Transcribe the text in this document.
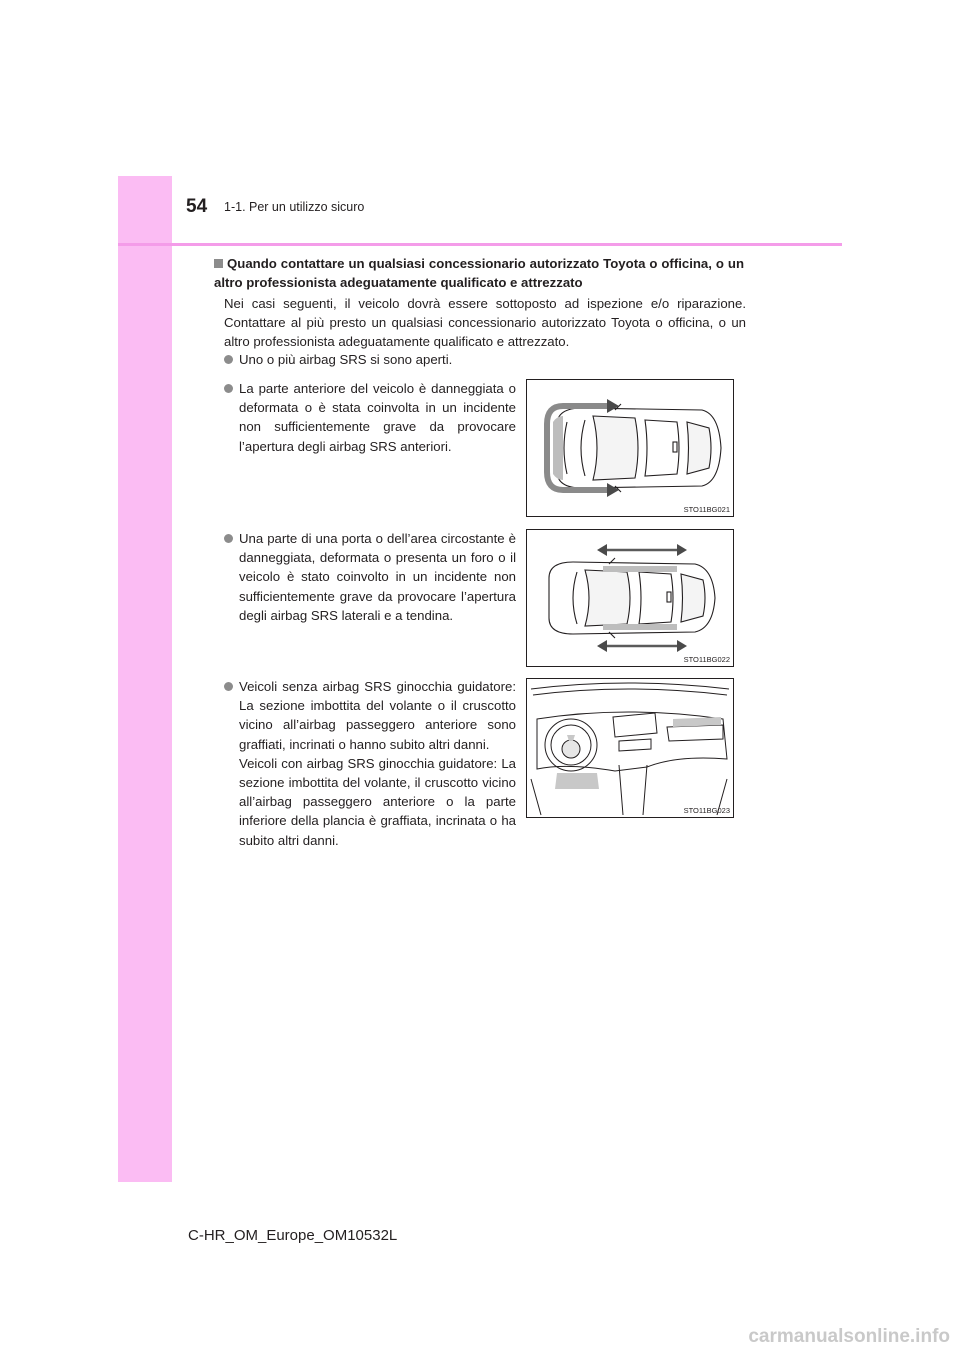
54 1-1. Per un utilizzo sicuro
Quando contattare un qualsiasi concessionario autorizzato Toyota o officina, o un altro professionista adeguatamente qualificato e attrezzato
Nei casi seguenti, il veicolo dovrà essere sottoposto ad ispezione e/o riparazione. Contattare al più presto un qualsiasi concessionario autorizzato Toyota o officina, o un altro professionista adeguatamente qualificato e attrezzato.
Uno o più airbag SRS si sono aperti.
La parte anteriore del veicolo è danneggiata o deformata o è stata coinvolta in un incidente non sufficientemente grave da provocare l’apertura degli airbag SRS anteriori.
Una parte di una porta o dell’area circostante è danneggiata, deformata o presenta un foro o il veicolo è stato coinvolto in un incidente non sufficientemente grave da provocare l’apertura degli airbag SRS laterali e a tendina.
Veicoli senza airbag SRS ginocchia guidatore: La sezione imbottita del volante o il cruscotto vicino all’airbag passeggero anteriore sono graffiati, incrinati o hanno subito altri danni.
Veicoli con airbag SRS ginocchia guidatore: La sezione imbottita del volante, il cruscotto vicino all’airbag passeggero anteriore o la parte inferiore della plancia è graffiata, incrinata o ha subito altri danni.
STO11BG021
STO11BG022
STO11BG023
C-HR_OM_Europe_OM10532L
carmanualsonline.info
